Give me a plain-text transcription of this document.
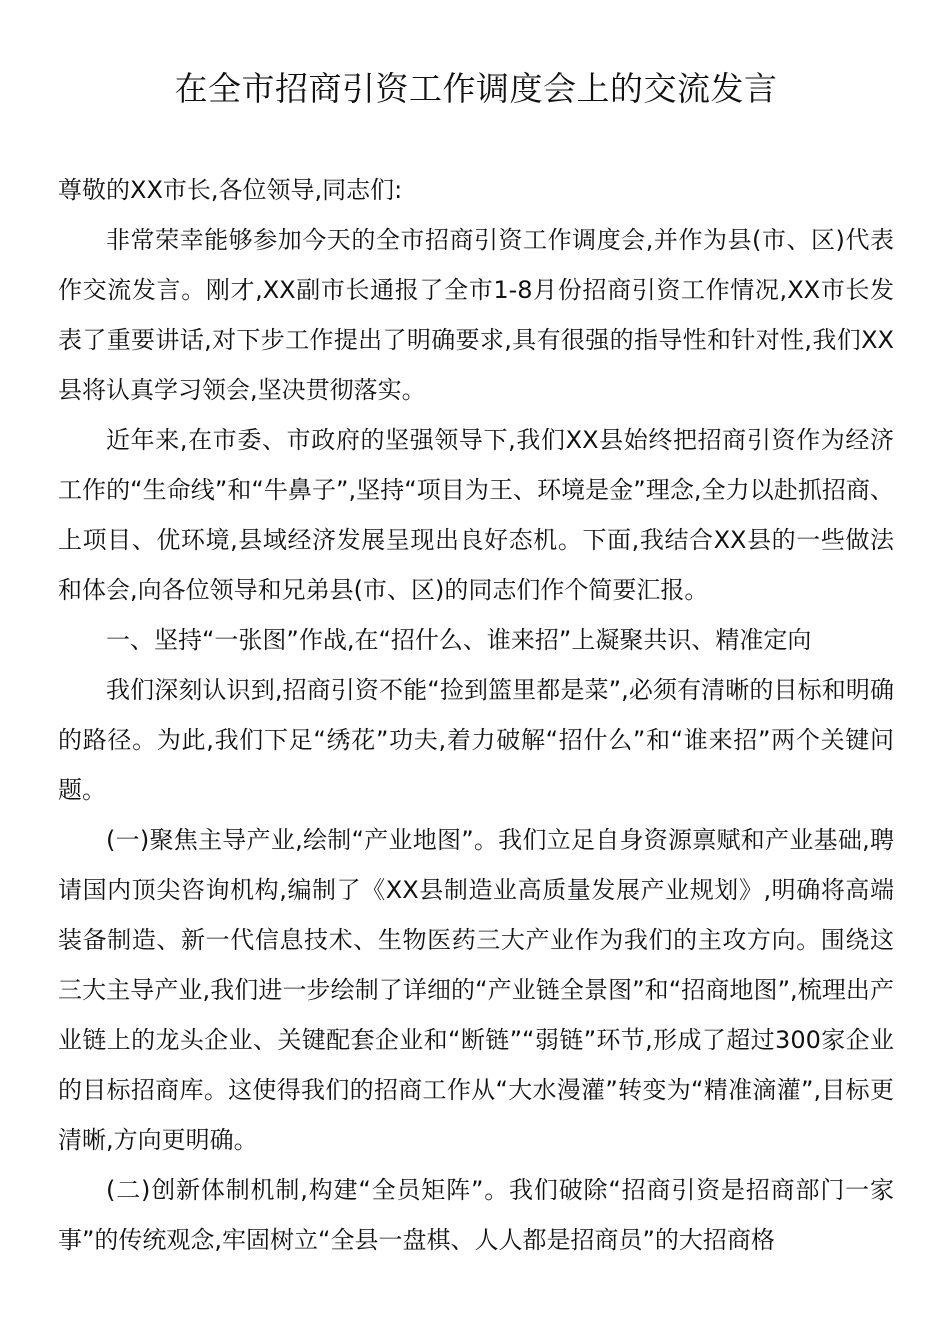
在全市招商引资工作调度会上的交流发言

尊敬的XX市长,各位领导,同志们:

非常荣幸能够参加今天的全市招商引资工作调度会,并作为县(市、区)代表作交流发言。刚才,XX副市长通报了全市1-8月份招商引资工作情况,XX市长发表了重要讲话,对下步工作提出了明确要求,具有很强的指导性和针对性,我们XX县将认真学习领会,坚决贯彻落实。

近年来,在市委、市政府的坚强领导下,我们XX县始终把招商引资作为经济工作的“生命线”和“牛鼻子”,坚持“项目为王、环境是金”理念,全力以赴抓招商、上项目、优环境,县域经济发展呈现出良好态机。下面,我结合XX县的一些做法和体会,向各位领导和兄弟县(市、区)的同志们作个简要汇报。

一、坚持“一张图”作战,在“招什么、谁来招”上凝聚共识、精准定向

我们深刻认识到,招商引资不能“捡到篮里都是菜”,必须有清晰的目标和明确的路径。为此,我们下足“绣花”功夫,着力破解“招什么”和“谁来招”两个关键问题。

(一)聚焦主导产业,绘制“产业地图”。我们立足自身资源禀赋和产业基础,聘请国内顶尖咨询机构,编制了《XX县制造业高质量发展产业规划》,明确将高端装备制造、新一代信息技术、生物医药三大产业作为我们的主攻方向。围绕这三大主导产业,我们进一步绘制了详细的“产业链全景图”和“招商地图”,梳理出产业链上的龙头企业、关键配套企业和“断链”“弱链”环节,形成了超过300家企业的目标招商库。这使得我们的招商工作从“大水漫灌”转变为“精准滴灌”,目标更清晰,方向更明确。

(二)创新体制机制,构建“全员矩阵”。我们破除“招商引资是招商部门一家事”的传统观念,牢固树立“全县一盘棋、人人都是招商员”的大招商格
